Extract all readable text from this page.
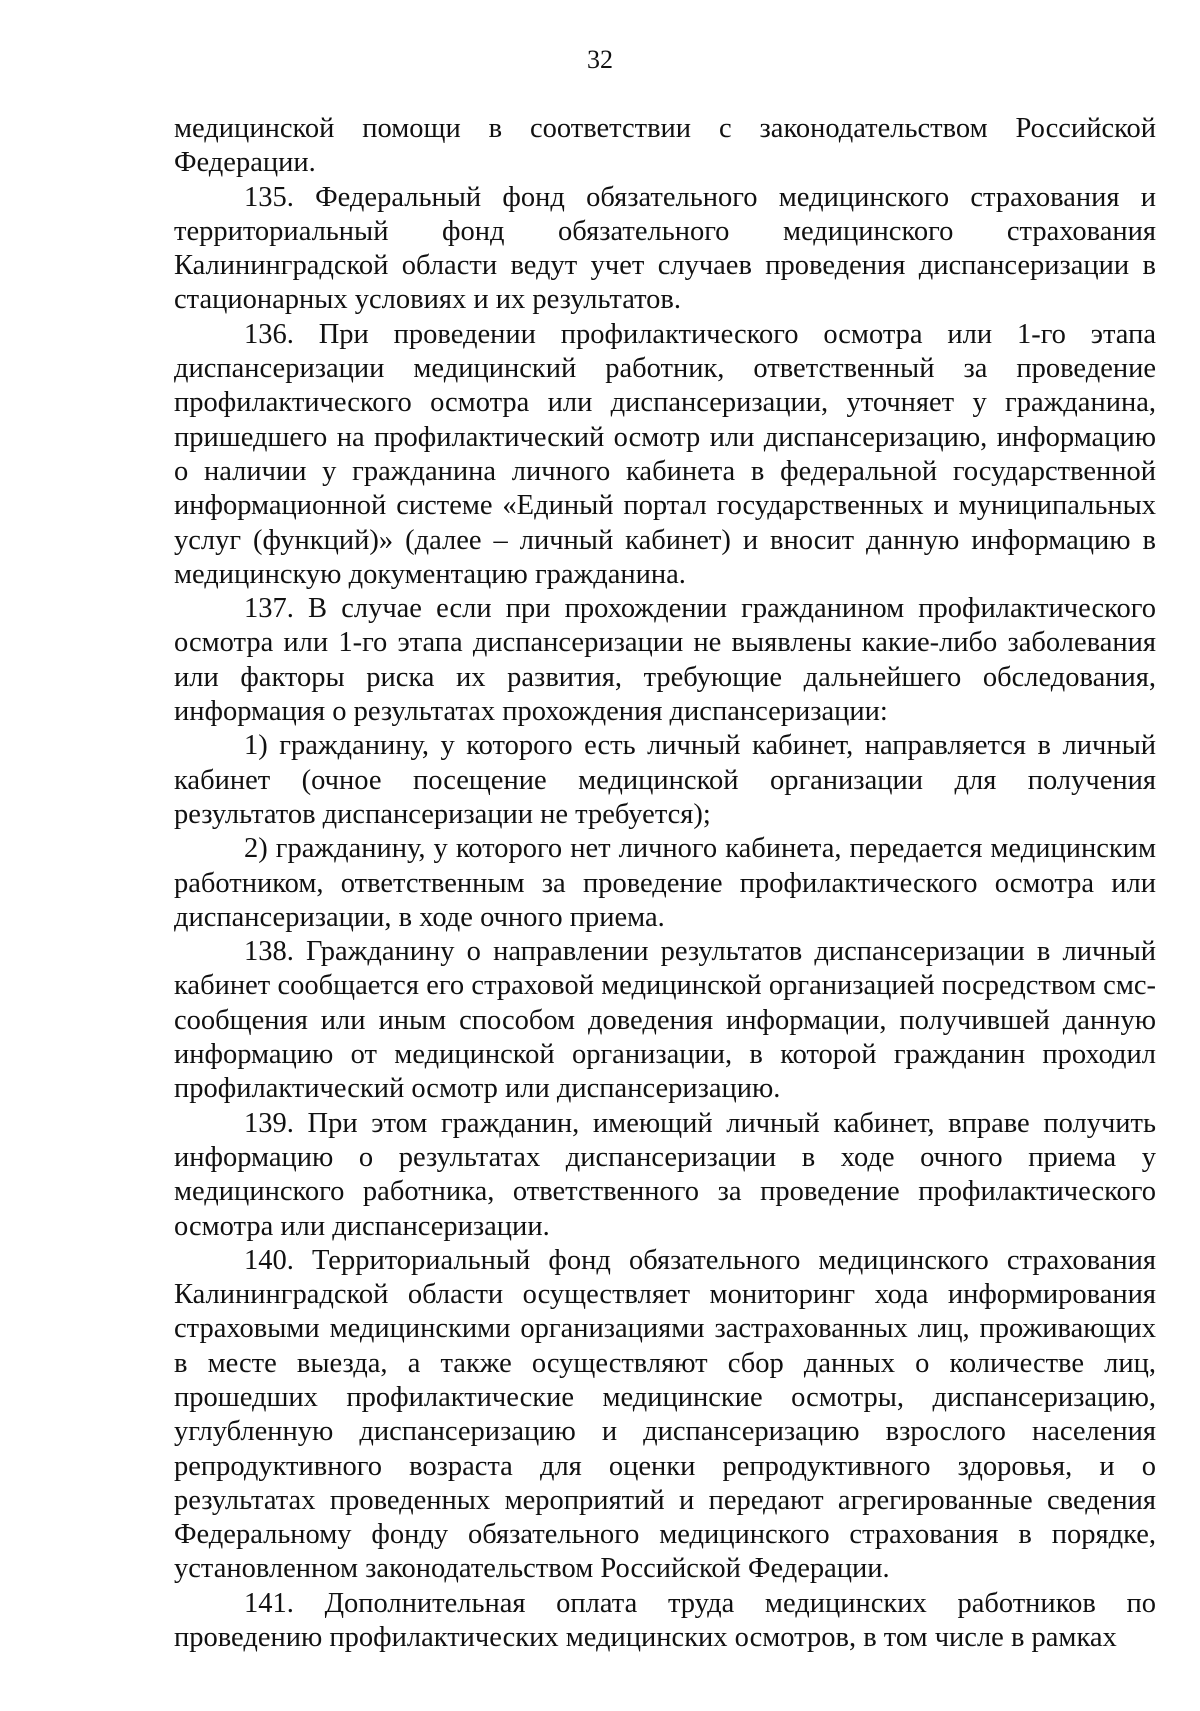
32

медицинской помощи в соответствии с законодательством Российской Федерации.

135. Федеральный фонд обязательного медицинского страхования и территориальный фонд обязательного медицинского страхования Калининградской области ведут учет случаев проведения диспансеризации в стационарных условиях и их результатов.

136. При проведении профилактического осмотра или 1-го этапа диспансеризации медицинский работник, ответственный за проведение профилактического осмотра или диспансеризации, уточняет у гражданина, пришедшего на профилактический осмотр или диспансеризацию, информацию о наличии у гражданина личного кабинета в федеральной государственной информационной системе «Единый портал государственных и муниципальных услуг (функций)» (далее – личный кабинет) и вносит данную информацию в медицинскую документацию гражданина.

137. В случае если при прохождении гражданином профилактического осмотра или 1-го этапа диспансеризации не выявлены какие-либо заболевания или факторы риска их развития, требующие дальнейшего обследования, информация о результатах прохождения диспансеризации:

1) гражданину, у которого есть личный кабинет, направляется в личный кабинет (очное посещение медицинской организации для получения результатов диспансеризации не требуется);

2) гражданину, у которого нет личного кабинета, передается медицинским работником, ответственным за проведение профилактического осмотра или диспансеризации, в ходе очного приема.

138. Гражданину о направлении результатов диспансеризации в личный кабинет сообщается его страховой медицинской организацией посредством смс-сообщения или иным способом доведения информации, получившей данную информацию от медицинской организации, в которой гражданин проходил профилактический осмотр или диспансеризацию.

139. При этом гражданин, имеющий личный кабинет, вправе получить информацию о результатах диспансеризации в ходе очного приема у медицинского работника, ответственного за проведение профилактического осмотра или диспансеризации.

140. Территориальный фонд обязательного медицинского страхования Калининградской области осуществляет мониторинг хода информирования страховыми медицинскими организациями застрахованных лиц, проживающих в месте выезда, а также осуществляют сбор данных о количестве лиц, прошедших профилактические медицинские осмотры, диспансеризацию, углубленную диспансеризацию и диспансеризацию взрослого населения репродуктивного возраста для оценки репродуктивного здоровья, и о результатах проведенных мероприятий и передают агрегированные сведения Федеральному фонду обязательного медицинского страхования в порядке, установленном законодательством Российской Федерации.

141. Дополнительная оплата труда медицинских работников по проведению профилактических медицинских осмотров, в том числе в рамках
